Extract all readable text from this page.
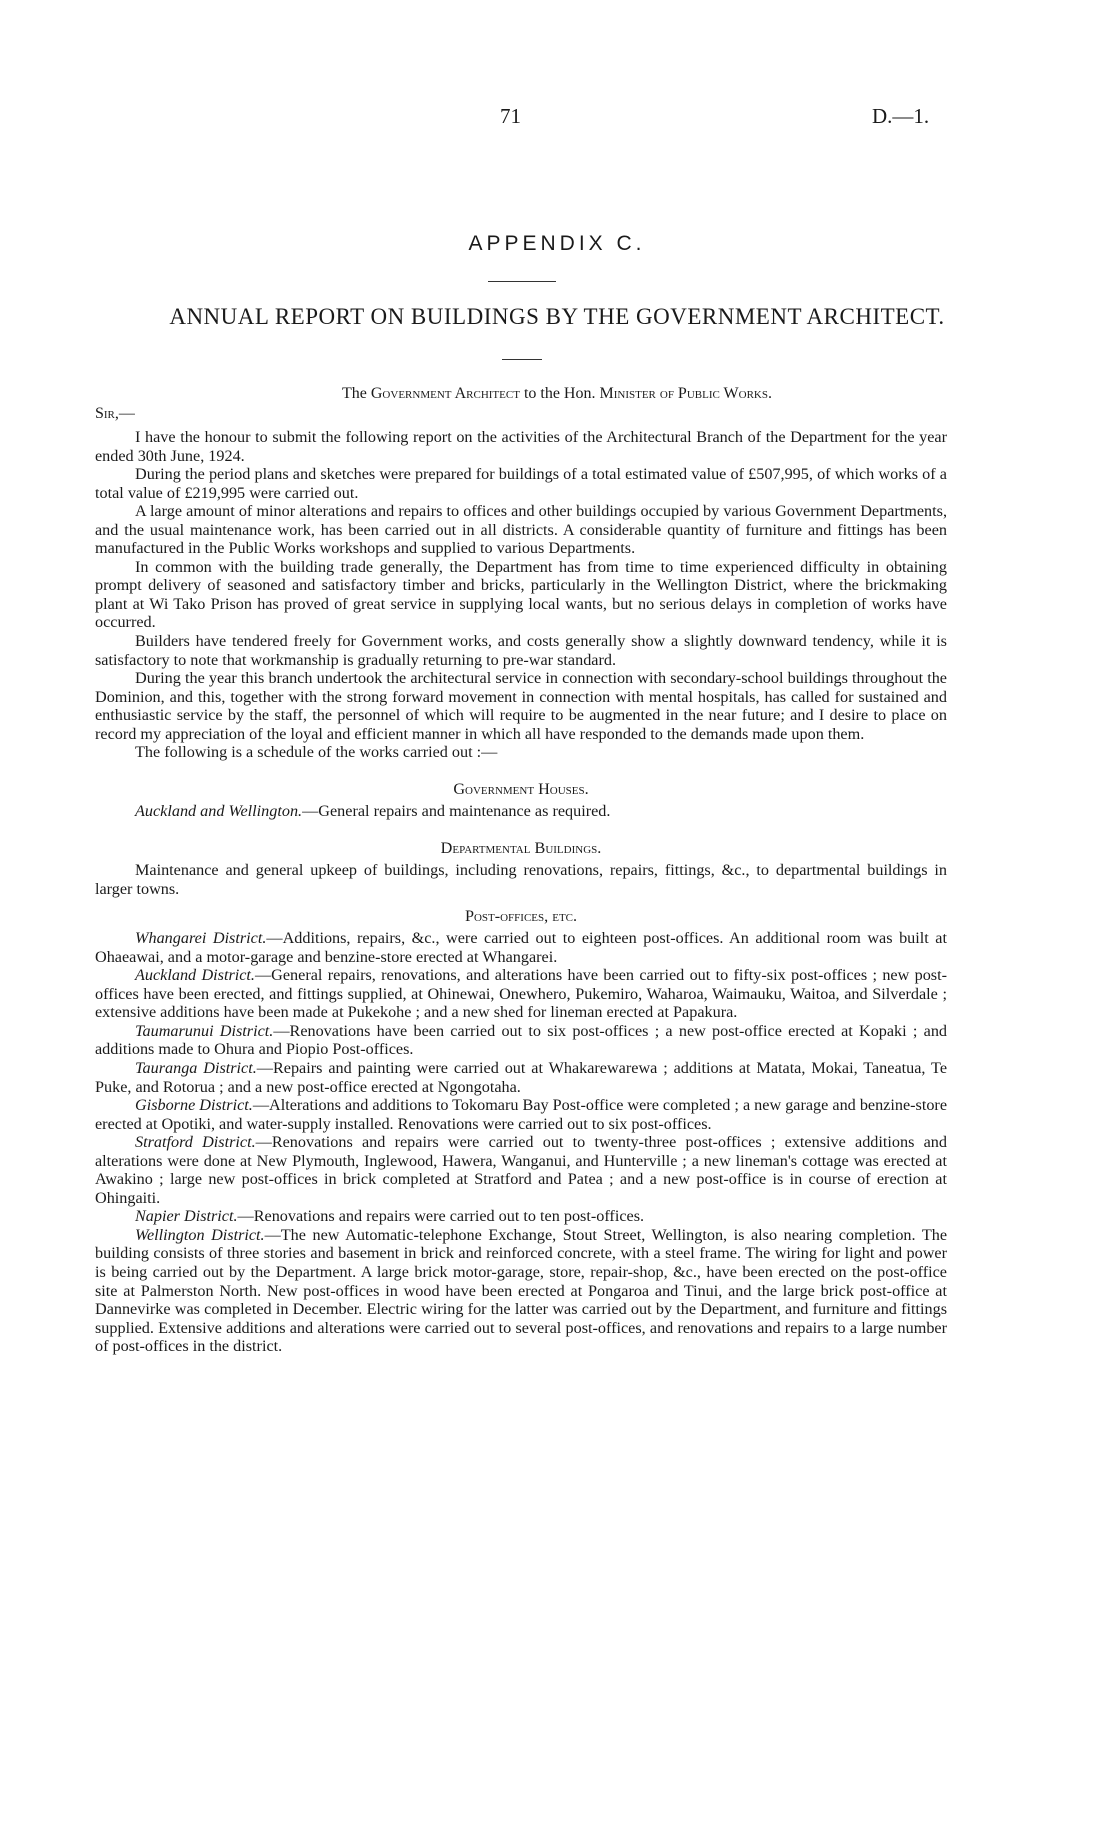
71	D.—1.
APPENDIX C.
ANNUAL REPORT ON BUILDINGS BY THE GOVERNMENT ARCHITECT.
The Government Architect to the Hon. Minister of Public Works.
Sir,—

I have the honour to submit the following report on the activities of the Architectural Branch of the Department for the year ended 30th June, 1924.

During the period plans and sketches were prepared for buildings of a total estimated value of £507,995, of which works of a total value of £219,995 were carried out.

A large amount of minor alterations and repairs to offices and other buildings occupied by various Government Departments, and the usual maintenance work, has been carried out in all districts. A considerable quantity of furniture and fittings has been manufactured in the Public Works workshops and supplied to various Departments.

In common with the building trade generally, the Department has from time to time experienced difficulty in obtaining prompt delivery of seasoned and satisfactory timber and bricks, particularly in the Wellington District, where the brickmaking plant at Wi Tako Prison has proved of great service in supplying local wants, but no serious delays in completion of works have occurred.

Builders have tendered freely for Government works, and costs generally show a slightly downward tendency, while it is satisfactory to note that workmanship is gradually returning to pre-war standard.

During the year this branch undertook the architectural service in connection with secondary-school buildings throughout the Dominion, and this, together with the strong forward movement in connection with mental hospitals, has called for sustained and enthusiastic service by the staff, the personnel of which will require to be augmented in the near future; and I desire to place on record my appreciation of the loyal and efficient manner in which all have responded to the demands made upon them.

The following is a schedule of the works carried out :—

Government Houses.

Auckland and Wellington.—General repairs and maintenance as required.

Departmental Buildings.

Maintenance and general upkeep of buildings, including renovations, repairs, fittings, &c., to departmental buildings in larger towns.

Post-offices, etc.

Whangarei District.—Additions, repairs, &c., were carried out to eighteen post-offices. An additional room was built at Ohaeawai, and a motor-garage and benzine-store erected at Whangarei.

Auckland District.—General repairs, renovations, and alterations have been carried out to fifty-six post-offices ; new post-offices have been erected, and fittings supplied, at Ohinewai, Onewhero, Pukemiro, Waharoa, Waimauku, Waitoa, and Silverdale ; extensive additions have been made at Pukekohe ; and a new shed for lineman erected at Papakura.

Taumarunui District.—Renovations have been carried out to six post-offices ; a new post-office erected at Kopaki ; and additions made to Ohura and Piopio Post-offices.

Tauranga District.—Repairs and painting were carried out at Whakarewarewa ; additions at Matata, Mokai, Taneatua, Te Puke, and Rotorua ; and a new post-office erected at Ngongotaha.

Gisborne District.—Alterations and additions to Tokomaru Bay Post-office were completed ; a new garage and benzine-store erected at Opotiki, and water-supply installed. Renovations were carried out to six post-offices.

Stratford District.—Renovations and repairs were carried out to twenty-three post-offices ; extensive additions and alterations were done at New Plymouth, Inglewood, Hawera, Wanganui, and Hunterville ; a new lineman's cottage was erected at Awakino ; large new post-offices in brick completed at Stratford and Patea ; and a new post-office is in course of erection at Ohingaiti.

Napier District.—Renovations and repairs were carried out to ten post-offices.

Wellington District.—The new Automatic-telephone Exchange, Stout Street, Wellington, is also nearing completion. The building consists of three stories and basement in brick and reinforced concrete, with a steel frame. The wiring for light and power is being carried out by the Department. A large brick motor-garage, store, repair-shop, &c., have been erected on the post-office site at Palmerston North. New post-offices in wood have been erected at Pongaroa and Tinui, and the large brick post-office at Dannevirke was completed in December. Electric wiring for the latter was carried out by the Department, and furniture and fittings supplied. Extensive additions and alterations were carried out to several post-offices, and renovations and repairs to a large number of post-offices in the district.
